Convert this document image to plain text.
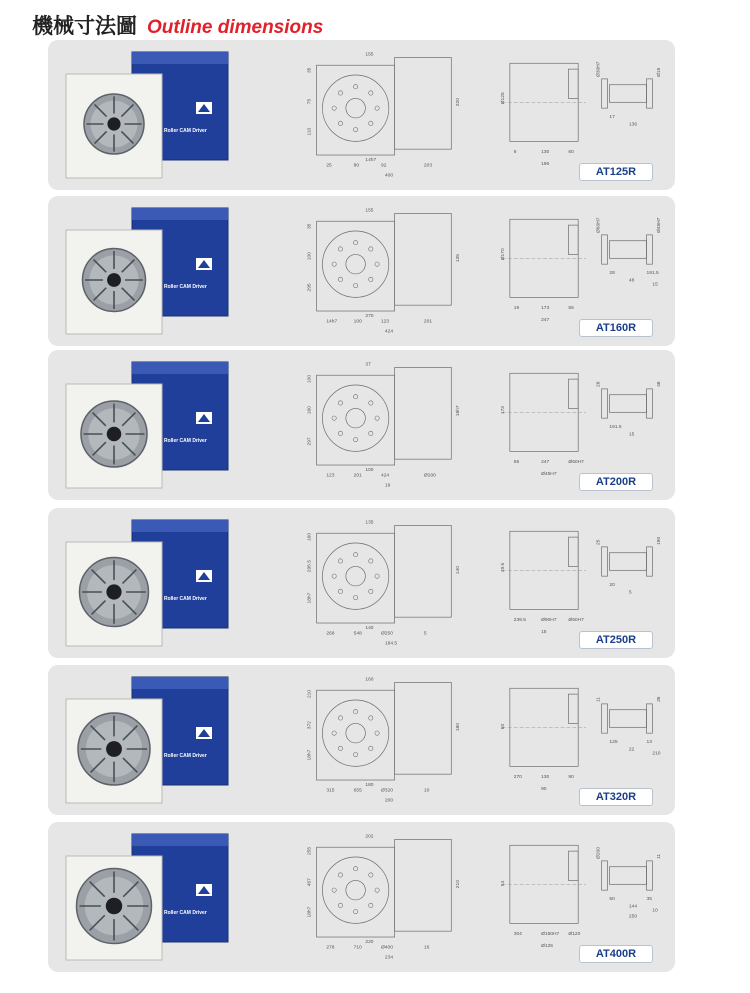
機械寸法圖 Outline dimensions
Roller CAM Driver
155
35
75
110
220
14h7
25	80	92	203
400
Ø125
6	130	60
196
Ø30H7	Ø15
17
136
AT125R
Roller CAM Driver
155
35
100
295
135
270
14h7	100	123	201
424
Ø170
19	173	55
247
Ø60H7	Ø45H7
28
48
191.5
15
AT160R
Roller CAM Driver
37
100
160
297
18h7
100
123	201	424	Ø200
19
173
55	247	Ø60H7
Ø45H7
28	48
191.5
15
AT200R
Roller CAM Driver
135
160
295.5
18h7
140
140
268	548	Ø250	5
184.5
49.5
239.5	Ø90H7 Ø60H7
15
25	190
20
5
AT250R
Roller CAM Driver
160
210
372
18h7
180
180
315	655	Ø320	10
200
60
270	130	90
90
11	35
125
22
13
210
AT320R
Roller CAM Driver
202
255
457
18h7
210
220
278	710	Ø400	16
234
54
304	Ø150H7 Ø120
Ø125
Ø200	11
50
144
35
10
250
AT400R
